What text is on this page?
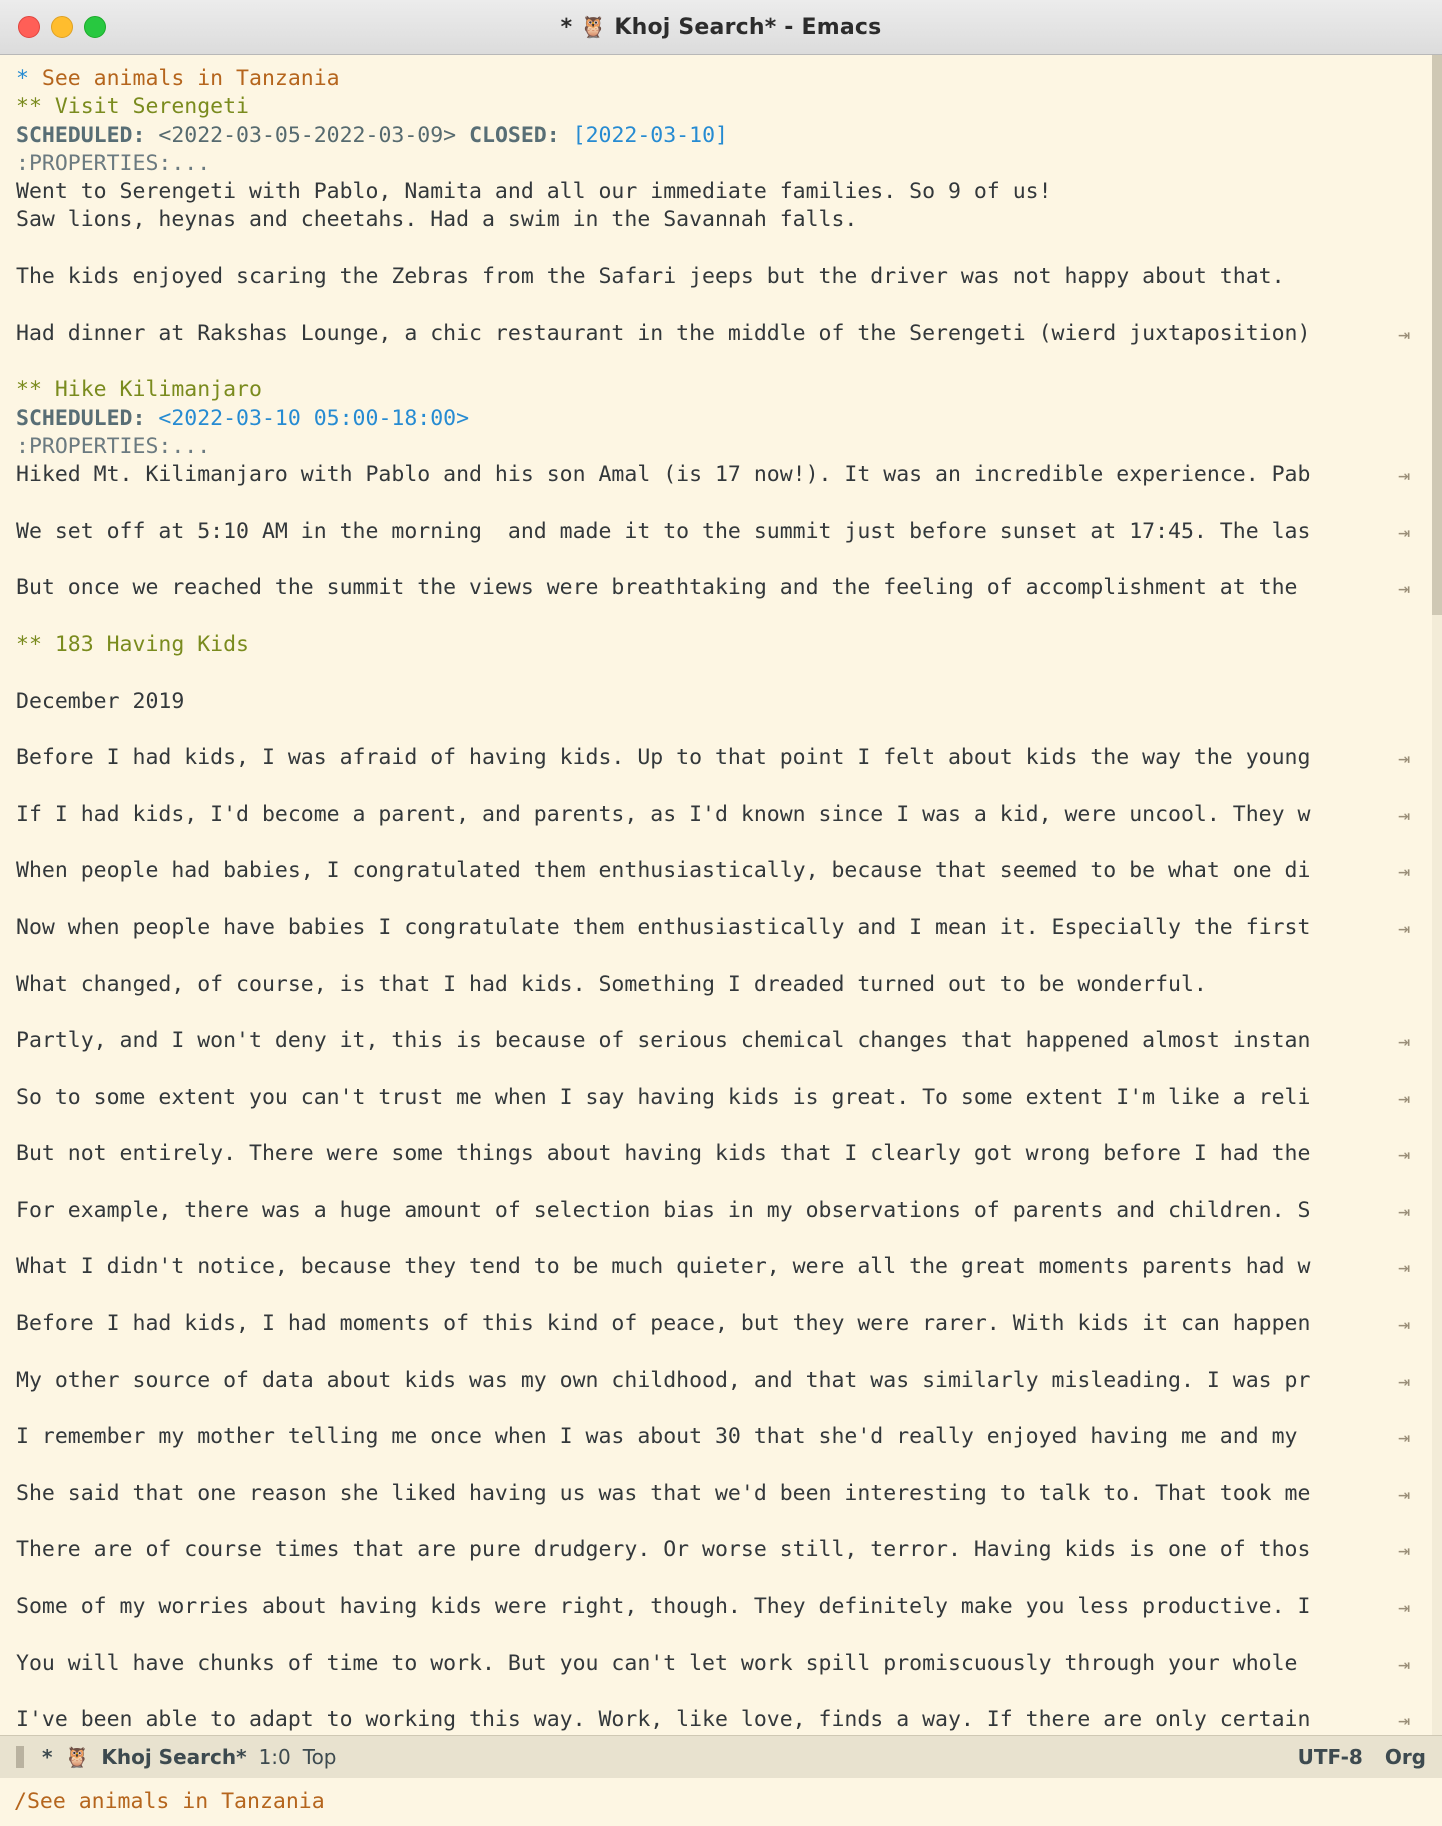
* 🦉 Khoj Search* - Emacs
* See animals in Tanzania
** Visit Serengeti
SCHEDULED: <2022-03-05-2022-03-09> CLOSED: [2022-03-10]
:PROPERTIES:...
Went to Serengeti with Pablo, Namita and all our immediate families. So 9 of us!
Saw lions, heynas and cheetahs. Had a swim in the Savannah falls.

The kids enjoyed scaring the Zebras from the Safari jeeps but the driver was not happy about that.

Had dinner at Rakshas Lounge, a chic restaurant in the middle of the Serengeti (wierd juxtaposition)	⇥

** Hike Kilimanjaro
SCHEDULED: <2022-03-10 05:00-18:00>
:PROPERTIES:...
Hiked Mt. Kilimanjaro with Pablo and his son Amal (is 17 now!). It was an incredible experience. Pab	⇥

We set off at 5:10 AM in the morning  and made it to the summit just before sunset at 17:45. The las	⇥

But once we reached the summit the views were breathtaking and the feeling of accomplishment at the	⇥

** 183 Having Kids

December 2019

Before I had kids, I was afraid of having kids. Up to that point I felt about kids the way the young	⇥

If I had kids, I'd become a parent, and parents, as I'd known since I was a kid, were uncool. They w	⇥

When people had babies, I congratulated them enthusiastically, because that seemed to be what one di	⇥

Now when people have babies I congratulate them enthusiastically and I mean it. Especially the first	⇥

What changed, of course, is that I had kids. Something I dreaded turned out to be wonderful.

Partly, and I won't deny it, this is because of serious chemical changes that happened almost instan	⇥

So to some extent you can't trust me when I say having kids is great. To some extent I'm like a reli	⇥

But not entirely. There were some things about having kids that I clearly got wrong before I had the	⇥

For example, there was a huge amount of selection bias in my observations of parents and children. S	⇥

What I didn't notice, because they tend to be much quieter, were all the great moments parents had w	⇥

Before I had kids, I had moments of this kind of peace, but they were rarer. With kids it can happen	⇥

My other source of data about kids was my own childhood, and that was similarly misleading. I was pr	⇥

I remember my mother telling me once when I was about 30 that she'd really enjoyed having me and my	⇥

She said that one reason she liked having us was that we'd been interesting to talk to. That took me	⇥

There are of course times that are pure drudgery. Or worse still, terror. Having kids is one of thos	⇥

Some of my worries about having kids were right, though. They definitely make you less productive. I	⇥

You will have chunks of time to work. But you can't let work spill promiscuously through your whole	⇥

I've been able to adapt to working this way. Work, like love, finds a way. If there are only certain	⇥
* 🦉 Khoj Search* 1:0 Top	UTF-8 Org
/See animals in Tanzania
